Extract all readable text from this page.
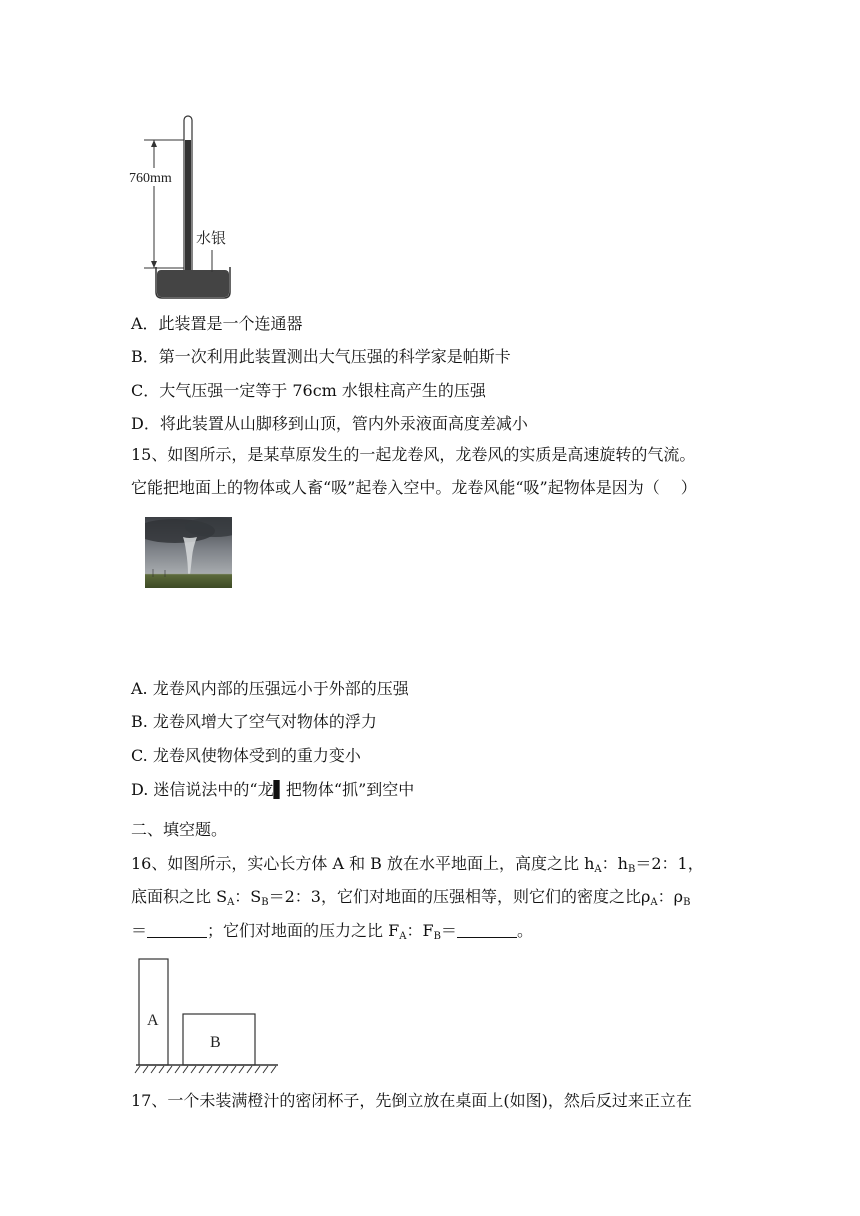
760mm
水银
A．此装置是一个连通器
B．第一次利用此装置测出大气压强的科学家是帕斯卡
C．大气压强一定等于 76cm 水银柱高产生的压强
D．将此装置从山脚移到山顶，管内外汞液面高度差减小
15、如图所示，是某草原发生的一起龙卷风，龙卷风的实质是高速旋转的气流。
它能把地面上的物体或人畜“吸”起卷入空中。龙卷风能“吸”起物体是因为（　 ）
A. 龙卷风内部的压强远小于外部的压强
B. 龙卷风增大了空气对物体的浮力
C. 龙卷风使物体受到的重力变小
D. 迷信说法中的“龙▌把物体“抓”到空中
二、填空题。
16、如图所示，实心长方体 A 和 B 放在水平地面上，高度之比 $h_A$：$h_B=2$：1，
底面积之比 $S_A$：$S_B=2$：3，它们对地面的压强相等，则它们的密度之比$\rho_A$：$\rho_B$
＝	；它们对地面的压力之比 $F_A$：$F_B=$	。
A
B
17、一个未装满橙汁的密闭杯子，先倒立放在桌面上(如图)，然后反过来正立在
